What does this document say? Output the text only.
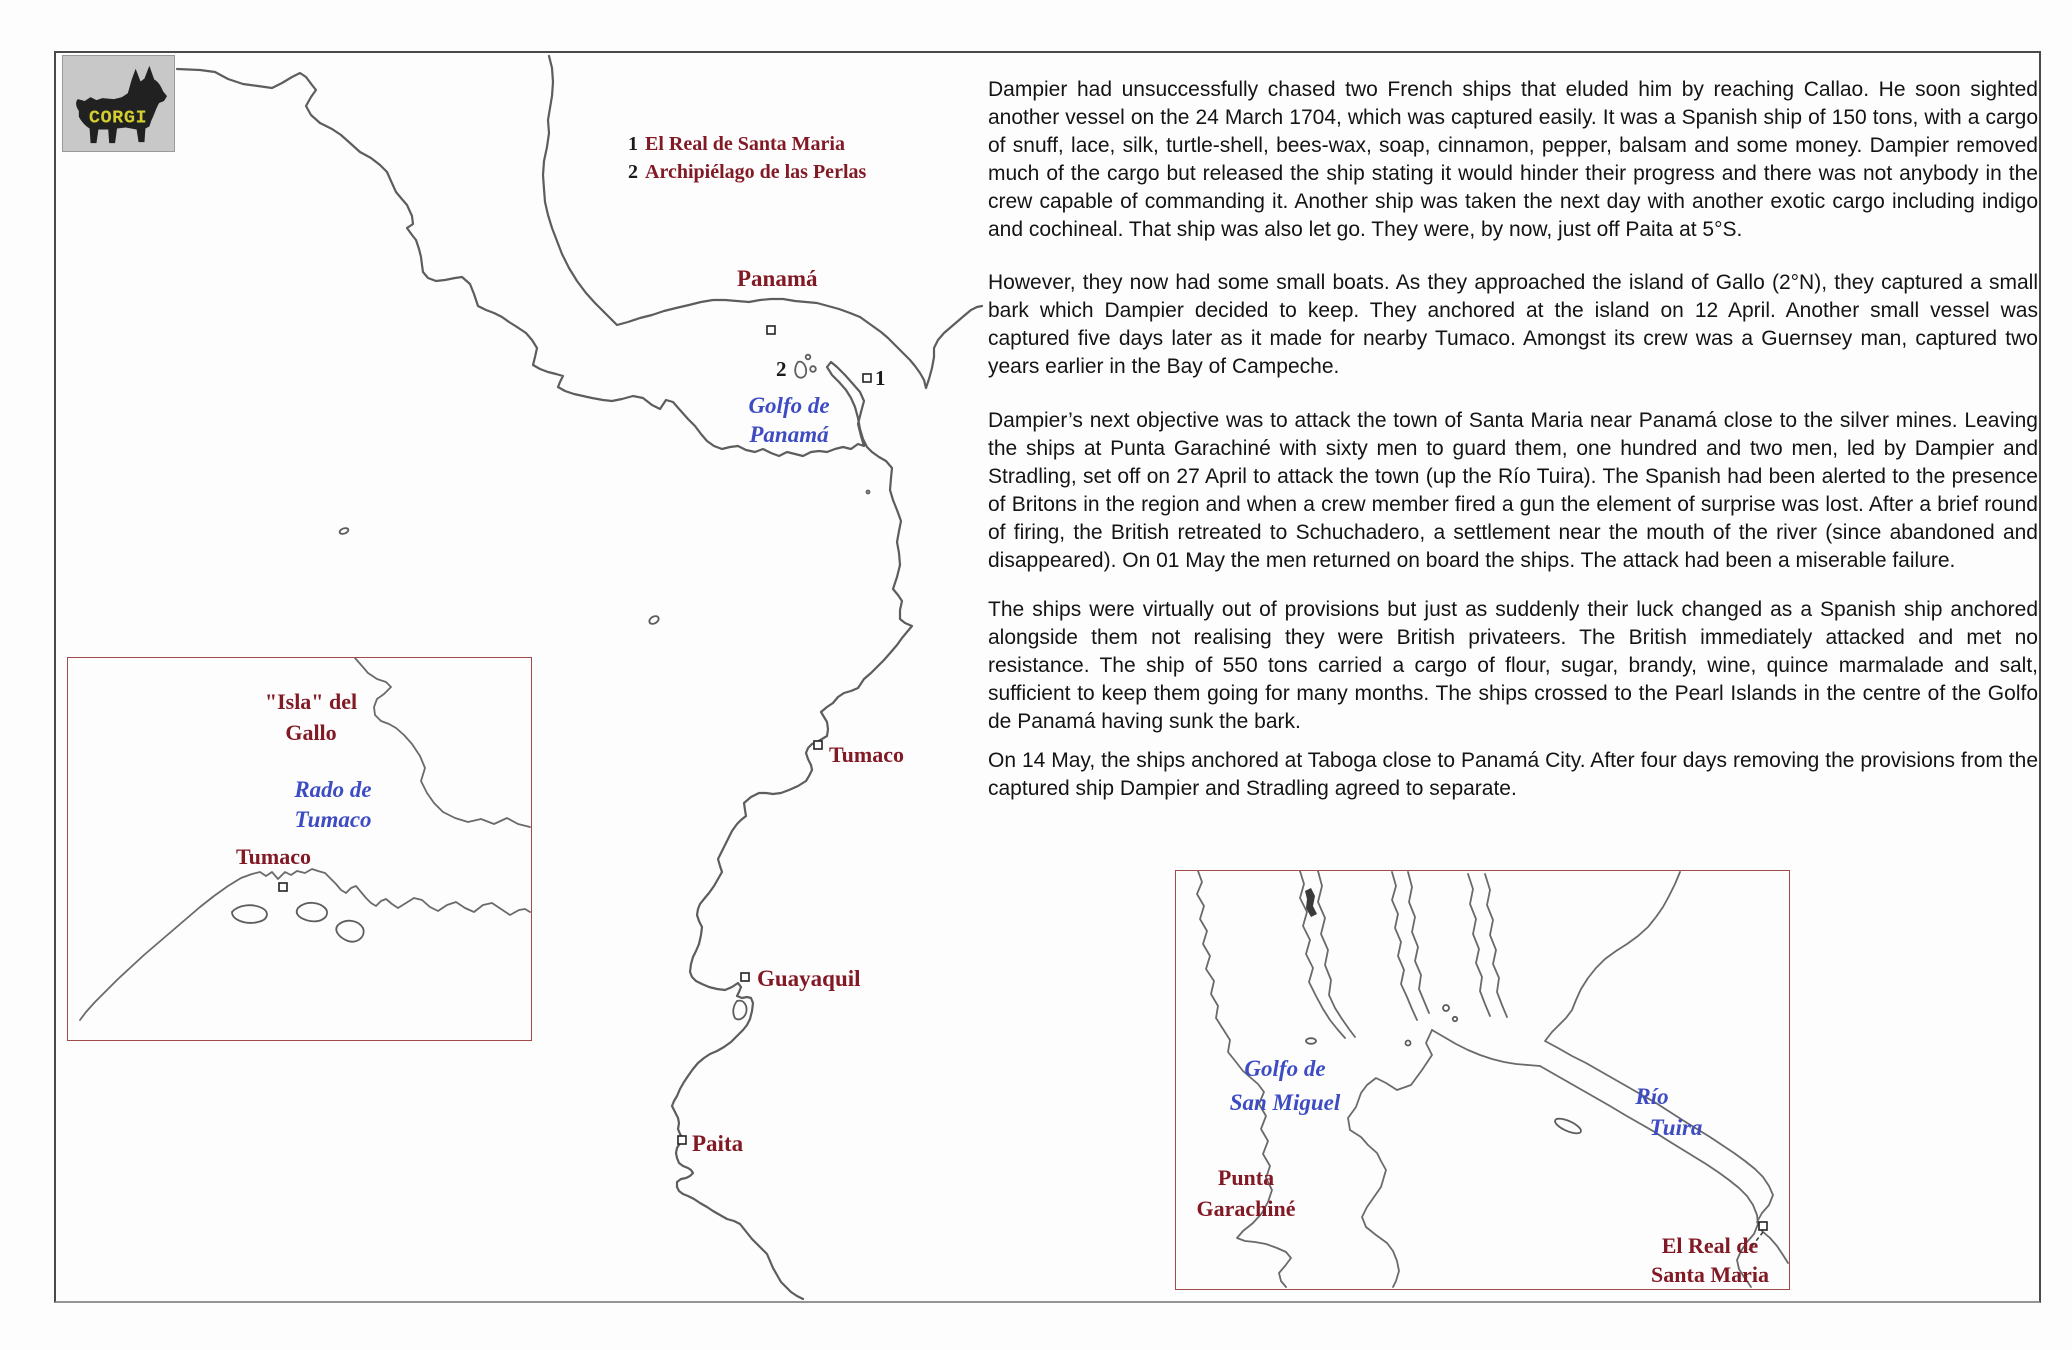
CORGI
1 El Real de Santa Maria
2 Archipiélago de las Perlas
Panamá
2	1
Golfo de
Panamá
Tumaco
Guayaquil
Paita
"Isla" del
Gallo
Rado de
Tumaco
Tumaco
Golfo de
San Miguel	Río
Tuira
Punta
Garachiné
El Real de
Santa Maria

Dampier had unsuccessfully chased two French ships that eluded him by reaching Callao. He soon sighted another vessel on the 24 March 1704, which was captured easily. It was a Spanish ship of 150 tons, with a cargo of snuff, lace, silk, turtle-shell, bees-wax, soap, cinnamon, pepper, balsam and some money. Dampier removed much of the cargo but released the ship stating it would hinder their progress and there was not anybody in the crew capable of commanding it. Another ship was taken the next day with another exotic cargo including indigo and cochineal. That ship was also let go. They were, by now, just off Paita at 5°S.

However, they now had some small boats. As they approached the island of Gallo (2°N), they captured a small bark which Dampier decided to keep. They anchored at the island on 12 April. Another small vessel was captured five days later as it made for nearby Tumaco. Amongst its crew was a Guernsey man, captured two years earlier in the Bay of Campeche.

Dampier’s next objective was to attack the town of Santa Maria near Panamá close to the silver mines. Leaving the ships at Punta Garachiné with sixty men to guard them, one hundred and two men, led by Dampier and Stradling, set off on 27 April to attack the town (up the Río Tuira). The Spanish had been alerted to the presence of Britons in the region and when a crew member fired a gun the element of surprise was lost. After a brief round of firing, the British retreated to Schuchadero, a settlement near the mouth of the river (since abandoned and disappeared). On 01 May the men returned on board the ships. The attack had been a miserable failure.

The ships were virtually out of provisions but just as suddenly their luck changed as a Spanish ship anchored alongside them not realising they were British privateers. The British immediately attacked and met no resistance. The ship of 550 tons carried a cargo of flour, sugar, brandy, wine, quince marmalade and salt, sufficient to keep them going for many months. The ships crossed to the Pearl Islands in the centre of the Golfo de Panamá having sunk the bark.

On 14 May, the ships anchored at Taboga close to Panamá City. After four days removing the provisions from the captured ship Dampier and Stradling agreed to separate.
